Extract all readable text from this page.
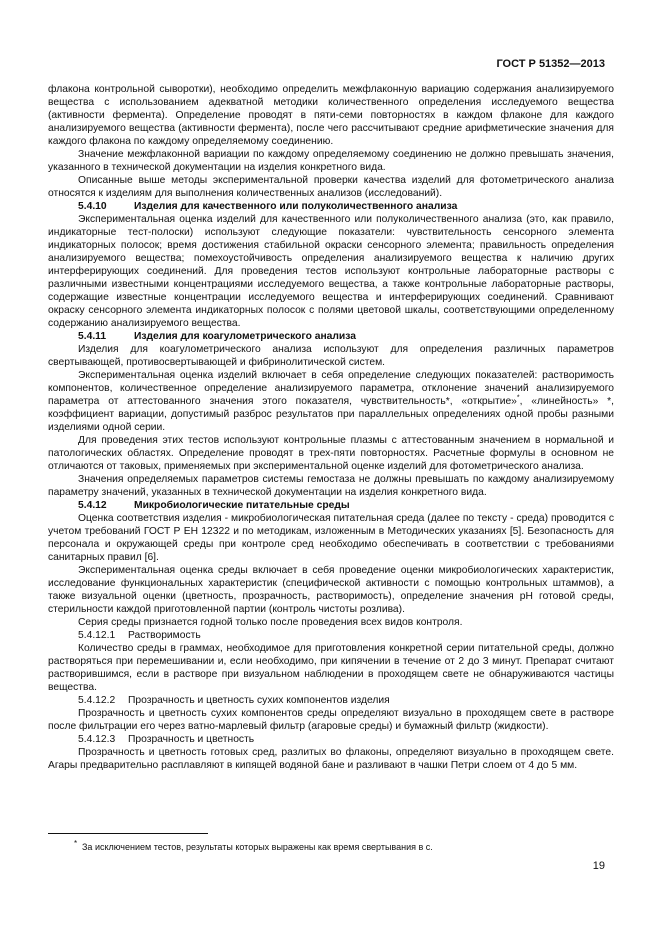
ГОСТ Р 51352—2013

флакона контрольной сыворотки), необходимо определить межфлаконную вариацию содержания анализируемого вещества с использованием адекватной методики количественного определения исследуемого вещества (активности фермента). Определение проводят в пяти-семи повторностях в каждом флаконе для каждого анализируемого вещества (активности фермента), после чего рассчитывают средние арифметические значения для каждого флакона по каждому определяемому соединению.

Значение межфлаконной вариации по каждому определяемому соединению не должно превышать значения, указанного в технической документации на изделия конкретного вида.

Описанные выше методы экспериментальной проверки качества изделий для фотометрического анализа относятся к изделиям для выполнения количественных анализов (исследований).

5.4.10	Изделия для качественного или полуколичественного анализа

Экспериментальная оценка изделий для качественного или полуколичественного анализа (это, как правило, индикаторные тест-полоски) используют следующие показатели: чувствительность сенсорного элемента индикаторных полосок; время достижения стабильной окраски сенсорного элемента; правильность определения анализируемого вещества; помехоустойчивость определения анализируемого вещества к наличию других интерферирующих соединений. Для проведения тестов используют контрольные лабораторные растворы с различными известными концентрациями исследуемого вещества, а также контрольные лабораторные растворы, содержащие известные концентрации исследуемого вещества и интерферирующих соединений. Сравнивают окраску сенсорного элемента индикаторных полосок с полями цветовой шкалы, соответствующими определенному содержанию анализируемого вещества.

5.4.11	Изделия для коагулометрического анализа

Изделия для коагулометрического анализа используют для определения различных параметров свертывающей, противосвертывающей и фибринолитической систем.

Экспериментальная оценка изделий включает в себя определение следующих показателей: растворимость компонентов, количественное определение анализируемого параметра, отклонение значений анализируемого параметра от аттестованного значения этого показателя, чувствительность*, «открытие»*, «линейность» *, коэффициент вариации, допустимый разброс результатов при параллельных определениях одной пробы разными изделиями одной серии.

Для проведения этих тестов используют контрольные плазмы с аттестованным значением в нормальной и патологических областях. Определение проводят в трех-пяти повторностях. Расчетные формулы в основном не отличаются от таковых, применяемых при экспериментальной оценке изделий для фотометрического анализа.

Значения определяемых параметров системы гемостаза не должны превышать по каждому анализируемому параметру значений, указанных в технической документации на изделия конкретного вида.

5.4.12	Микробиологические питательные среды

Оценка соответствия изделия - микробиологическая питательная среда (далее по тексту - среда) проводится с учетом требований ГОСТ Р ЕН 12322 и по методикам, изложенным в Методических указаниях [5]. Безопасность для персонала и окружающей среды при контроле сред необходимо обеспечивать в соответствии с требованиями санитарных правил [6].

Экспериментальная оценка среды включает в себя проведение оценки микробиологических характеристик, исследование функциональных характеристик (специфической активности с помощью контрольных штаммов), а также визуальной оценки (цветность, прозрачность, растворимость), определение значения рН готовой среды, стерильности каждой приготовленной партии (контроль чистоты розлива).

Серия среды признается годной только после проведения всех видов контроля.

5.4.12.1 Растворимость

Количество среды в граммах, необходимое для приготовления конкретной серии питательной среды, должно растворяться при перемешивании и, если необходимо, при кипячении в течение от 2 до 3 минут. Препарат считают растворившимся, если в растворе при визуальном наблюдении в проходящем свете не обнаруживаются частицы вещества.

5.4.12.2 Прозрачность и цветность сухих компонентов изделия

Прозрачность и цветность сухих компонентов среды определяют визуально в проходящем свете в растворе после фильтрации его через ватно-марлевый фильтр (агаровые среды) и бумажный фильтр (жидкости).

5.4.12.3 Прозрачность и цветность

Прозрачность и цветность готовых сред, разлитых во флаконы, определяют визуально в проходящем свете. Агары предварительно расплавляют в кипящей водяной бане и разливают в чашки Петри слоем от 4 до 5 мм.

* За исключением тестов, результаты которых выражены как время свертывания в с.
19
